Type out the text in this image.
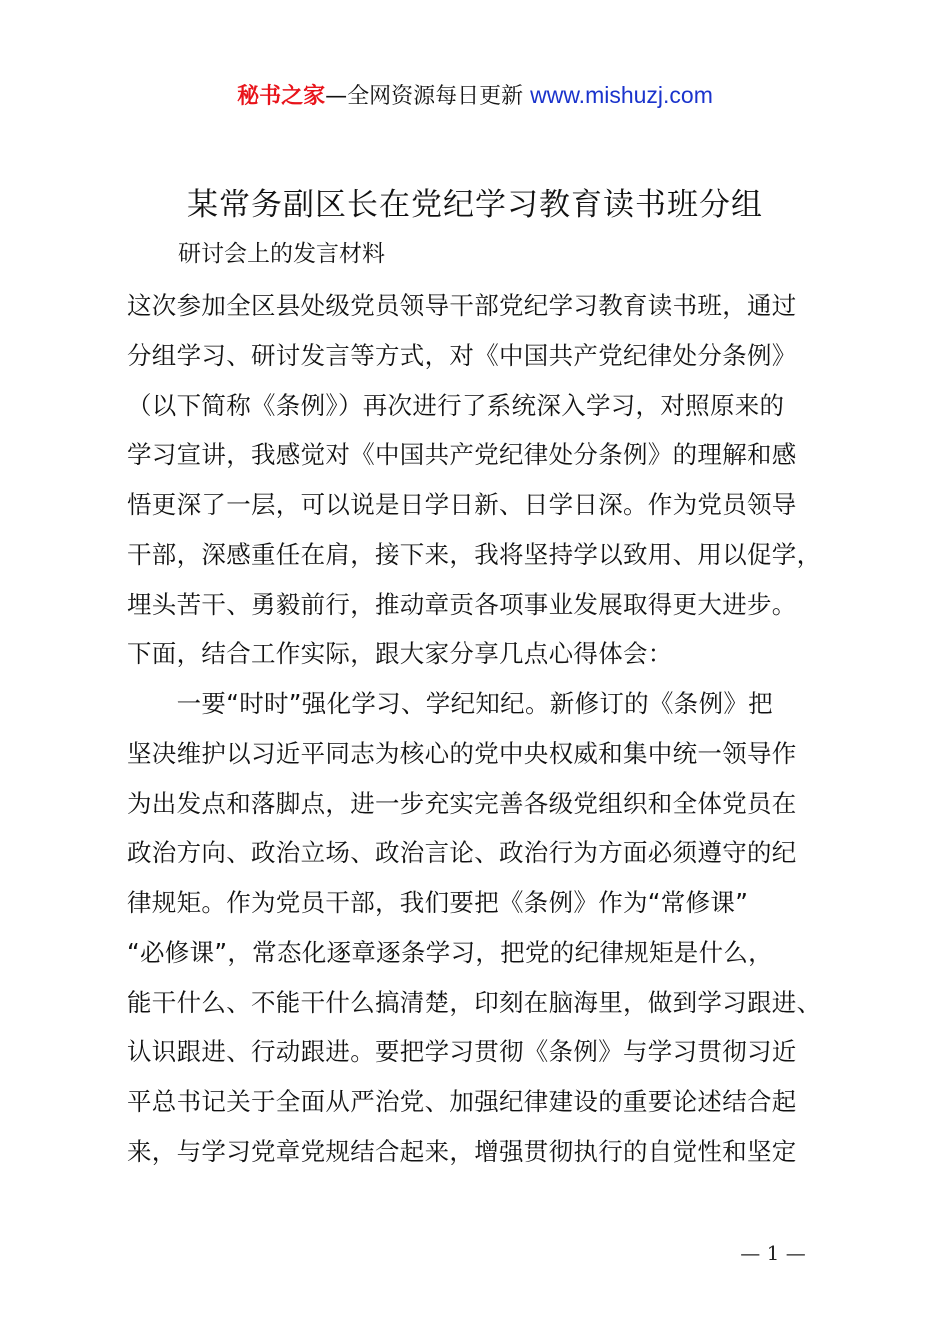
秘书之家—全网资源每日更新 www.mishuzj.com
某常务副区长在党纪学习教育读书班分组
研讨会上的发言材料
这次参加全区县处级党员领导干部党纪学习教育读书班，通过
分组学习、研讨发言等方式，对《中国共产党纪律处分条例》
（以下简称《条例》）再次进行了系统深入学习，对照原来的
学习宣讲，我感觉对《中国共产党纪律处分条例》的理解和感
悟更深了一层，可以说是日学日新、日学日深。作为党员领导
干部，深感重任在肩，接下来，我将坚持学以致用、用以促学，
埋头苦干、勇毅前行，推动章贡各项事业发展取得更大进步。
下面，结合工作实际，跟大家分享几点心得体会：
　　一要“时时”强化学习、学纪知纪。新修订的《条例》把
坚决维护以习近平同志为核心的党中央权威和集中统一领导作
为出发点和落脚点，进一步充实完善各级党组织和全体党员在
政治方向、政治立场、政治言论、政治行为方面必须遵守的纪
律规矩。作为党员干部，我们要把《条例》作为“常修课”
“必修课”，常态化逐章逐条学习，把党的纪律规矩是什么，
能干什么、不能干什么搞清楚，印刻在脑海里，做到学习跟进、
认识跟进、行动跟进。要把学习贯彻《条例》与学习贯彻习近
平总书记关于全面从严治党、加强纪律建设的重要论述结合起
来，与学习党章党规结合起来，增强贯彻执行的自觉性和坚定
— 1 —
